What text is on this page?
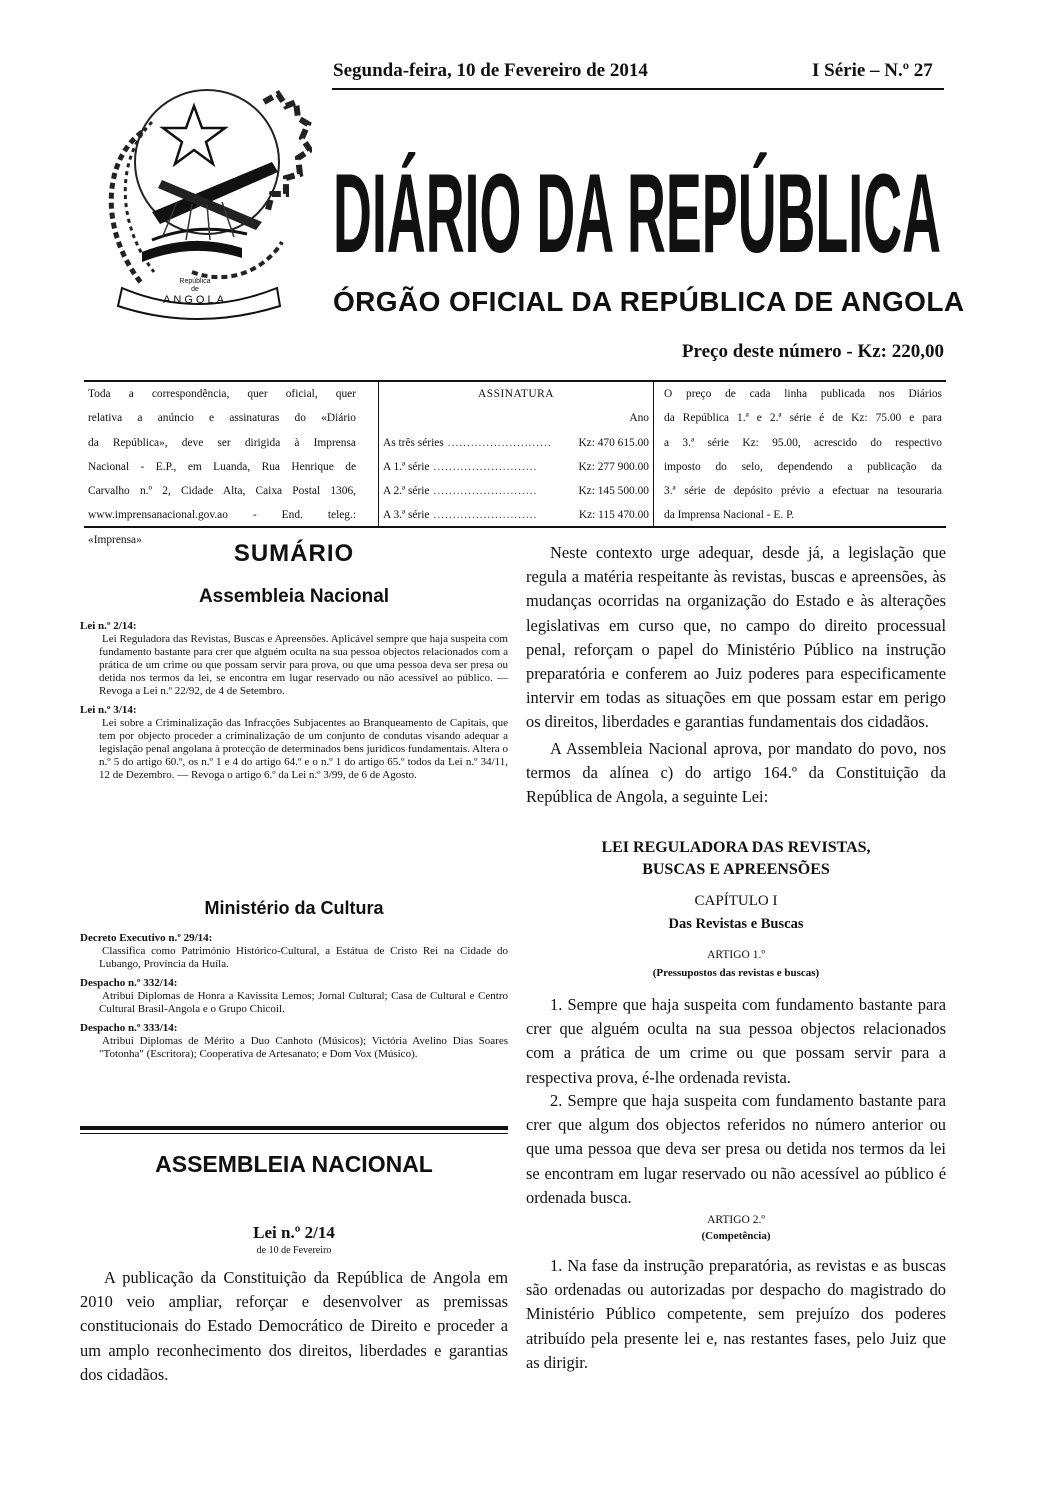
República
de
ANGOLA
Segunda-feira, 10 de Fevereiro de 2014	I Série – N.º 27
DIÁRIO DA REPÚBLICA
ÓRGÃO OFICIAL DA REPÚBLICA DE ANGOLA
Preço deste número - Kz: 220,00
Toda a correspondência, quer oficial, quer
relativa a anúncio e assinaturas do «Diário
da República», deve ser dirigida à Imprensa
Nacional - E.P., em Luanda, Rua Henrique de
Carvalho n.º 2, Cidade Alta, Caixa Postal 1306,
www.imprensanacional.gov.ao - End. teleg.:
«Imprensa»
ASSINATURA
Ano
As três séries ...........................	Kz: 470 615.00
A 1.ª série ...........................	Kz: 277 900.00
A 2.ª série ...........................	Kz: 145 500.00
A 3.ª série ...........................	Kz: 115 470.00
O preço de cada linha publicada nos Diários
da República 1.ª e 2.ª série é de Kz: 75.00 e para
a 3.ª série Kz: 95.00, acrescido do respectivo
imposto do selo, dependendo a publicação da
3.ª série de depósito prévio a efectuar na tesouraria
da Imprensa Nacional - E. P.
SUMÁRIO
Assembleia Nacional
Lei n.º 2/14:
Lei Reguladora das Revistas, Buscas e Apreensões. Aplicável sempre que haja suspeita com fundamento bastante para crer que alguém oculta na sua pessoa objectos relacionados com a prática de um crime ou que possam servir para prova, ou que uma pessoa deva ser presa ou detida nos termos da lei, se encontra em lugar reservado ou não acessível ao público. — Revoga a Lei n.º 22/92, de 4 de Setembro.
Lei n.º 3/14:
Lei sobre a Criminalização das Infracções Subjacentes ao Branqueamento de Capitais, que tem por objecto proceder a criminalização de um conjunto de condutas visando adequar a legislação penal angolana à protecção de determinados bens jurídicos fundamentais. Altera o n.º 5 do artigo 60.º, os n.º 1 e 4 do artigo 64.º e o n.º 1 do artigo 65.º todos da Lei n.º 34/11, 12 de Dezembro. — Revoga o artigo 6.º da Lei n.º 3/99, de 6 de Agosto.
Ministério da Cultura
Decreto Executivo n.º 29/14:
Classifica como Património Histórico-Cultural, a Estátua de Cristo Rei na Cidade do Lubango, Província da Huíla.
Despacho n.º 332/14:
Atribui Diplomas de Honra a Kavissita Lemos; Jornal Cultural; Casa de Cultural e Centro Cultural Brasil-Angola e o Grupo Chicoil.
Despacho n.º 333/14:
Atribui Diplomas de Mérito a Duo Canhoto (Músicos); Victória Avelino Dias Soares "Totonha" (Escritora); Cooperativa de Artesanato; e Dom Vox (Músico).
ASSEMBLEIA NACIONAL
Lei n.º 2/14
de 10 de Fevereiro
A publicação da Constituição da República de Angola em 2010 veio ampliar, reforçar e desenvolver as premissas constitucionais do Estado Democrático de Direito e proceder a um amplo reconhecimento dos direitos, liberdades e garantias dos cidadãos.
Neste contexto urge adequar, desde já, a legislação que regula a matéria respeitante às revistas, buscas e apreensões, às mudanças ocorridas na organização do Estado e às alterações legislativas em curso que, no campo do direito processual penal, reforçam o papel do Ministério Público na instrução preparatória e conferem ao Juiz poderes para especificamente intervir em todas as situações em que possam estar em perigo os direitos, liberdades e garantias fundamentais dos cidadãos.
A Assembleia Nacional aprova, por mandato do povo, nos termos da alínea c) do artigo 164.º da Constituição da República de Angola, a seguinte Lei:
LEI REGULADORA DAS REVISTAS,
BUSCAS E APREENSÕES
CAPÍTULO I
Das Revistas e Buscas
ARTIGO 1.º
(Pressupostos das revistas e buscas)
1. Sempre que haja suspeita com fundamento bastante para crer que alguém oculta na sua pessoa objectos relacionados com a prática de um crime ou que possam servir para a respectiva prova, é-lhe ordenada revista.
2. Sempre que haja suspeita com fundamento bastante para crer que algum dos objectos referidos no número anterior ou que uma pessoa que deva ser presa ou detida nos termos da lei se encontram em lugar reservado ou não acessível ao público é ordenada busca.
ARTIGO 2.º
(Competência)
1. Na fase da instrução preparatória, as revistas e as buscas são ordenadas ou autorizadas por despacho do magistrado do Ministério Público competente, sem prejuízo dos poderes atribuído pela presente lei e, nas restantes fases, pelo Juiz que as dirigir.
